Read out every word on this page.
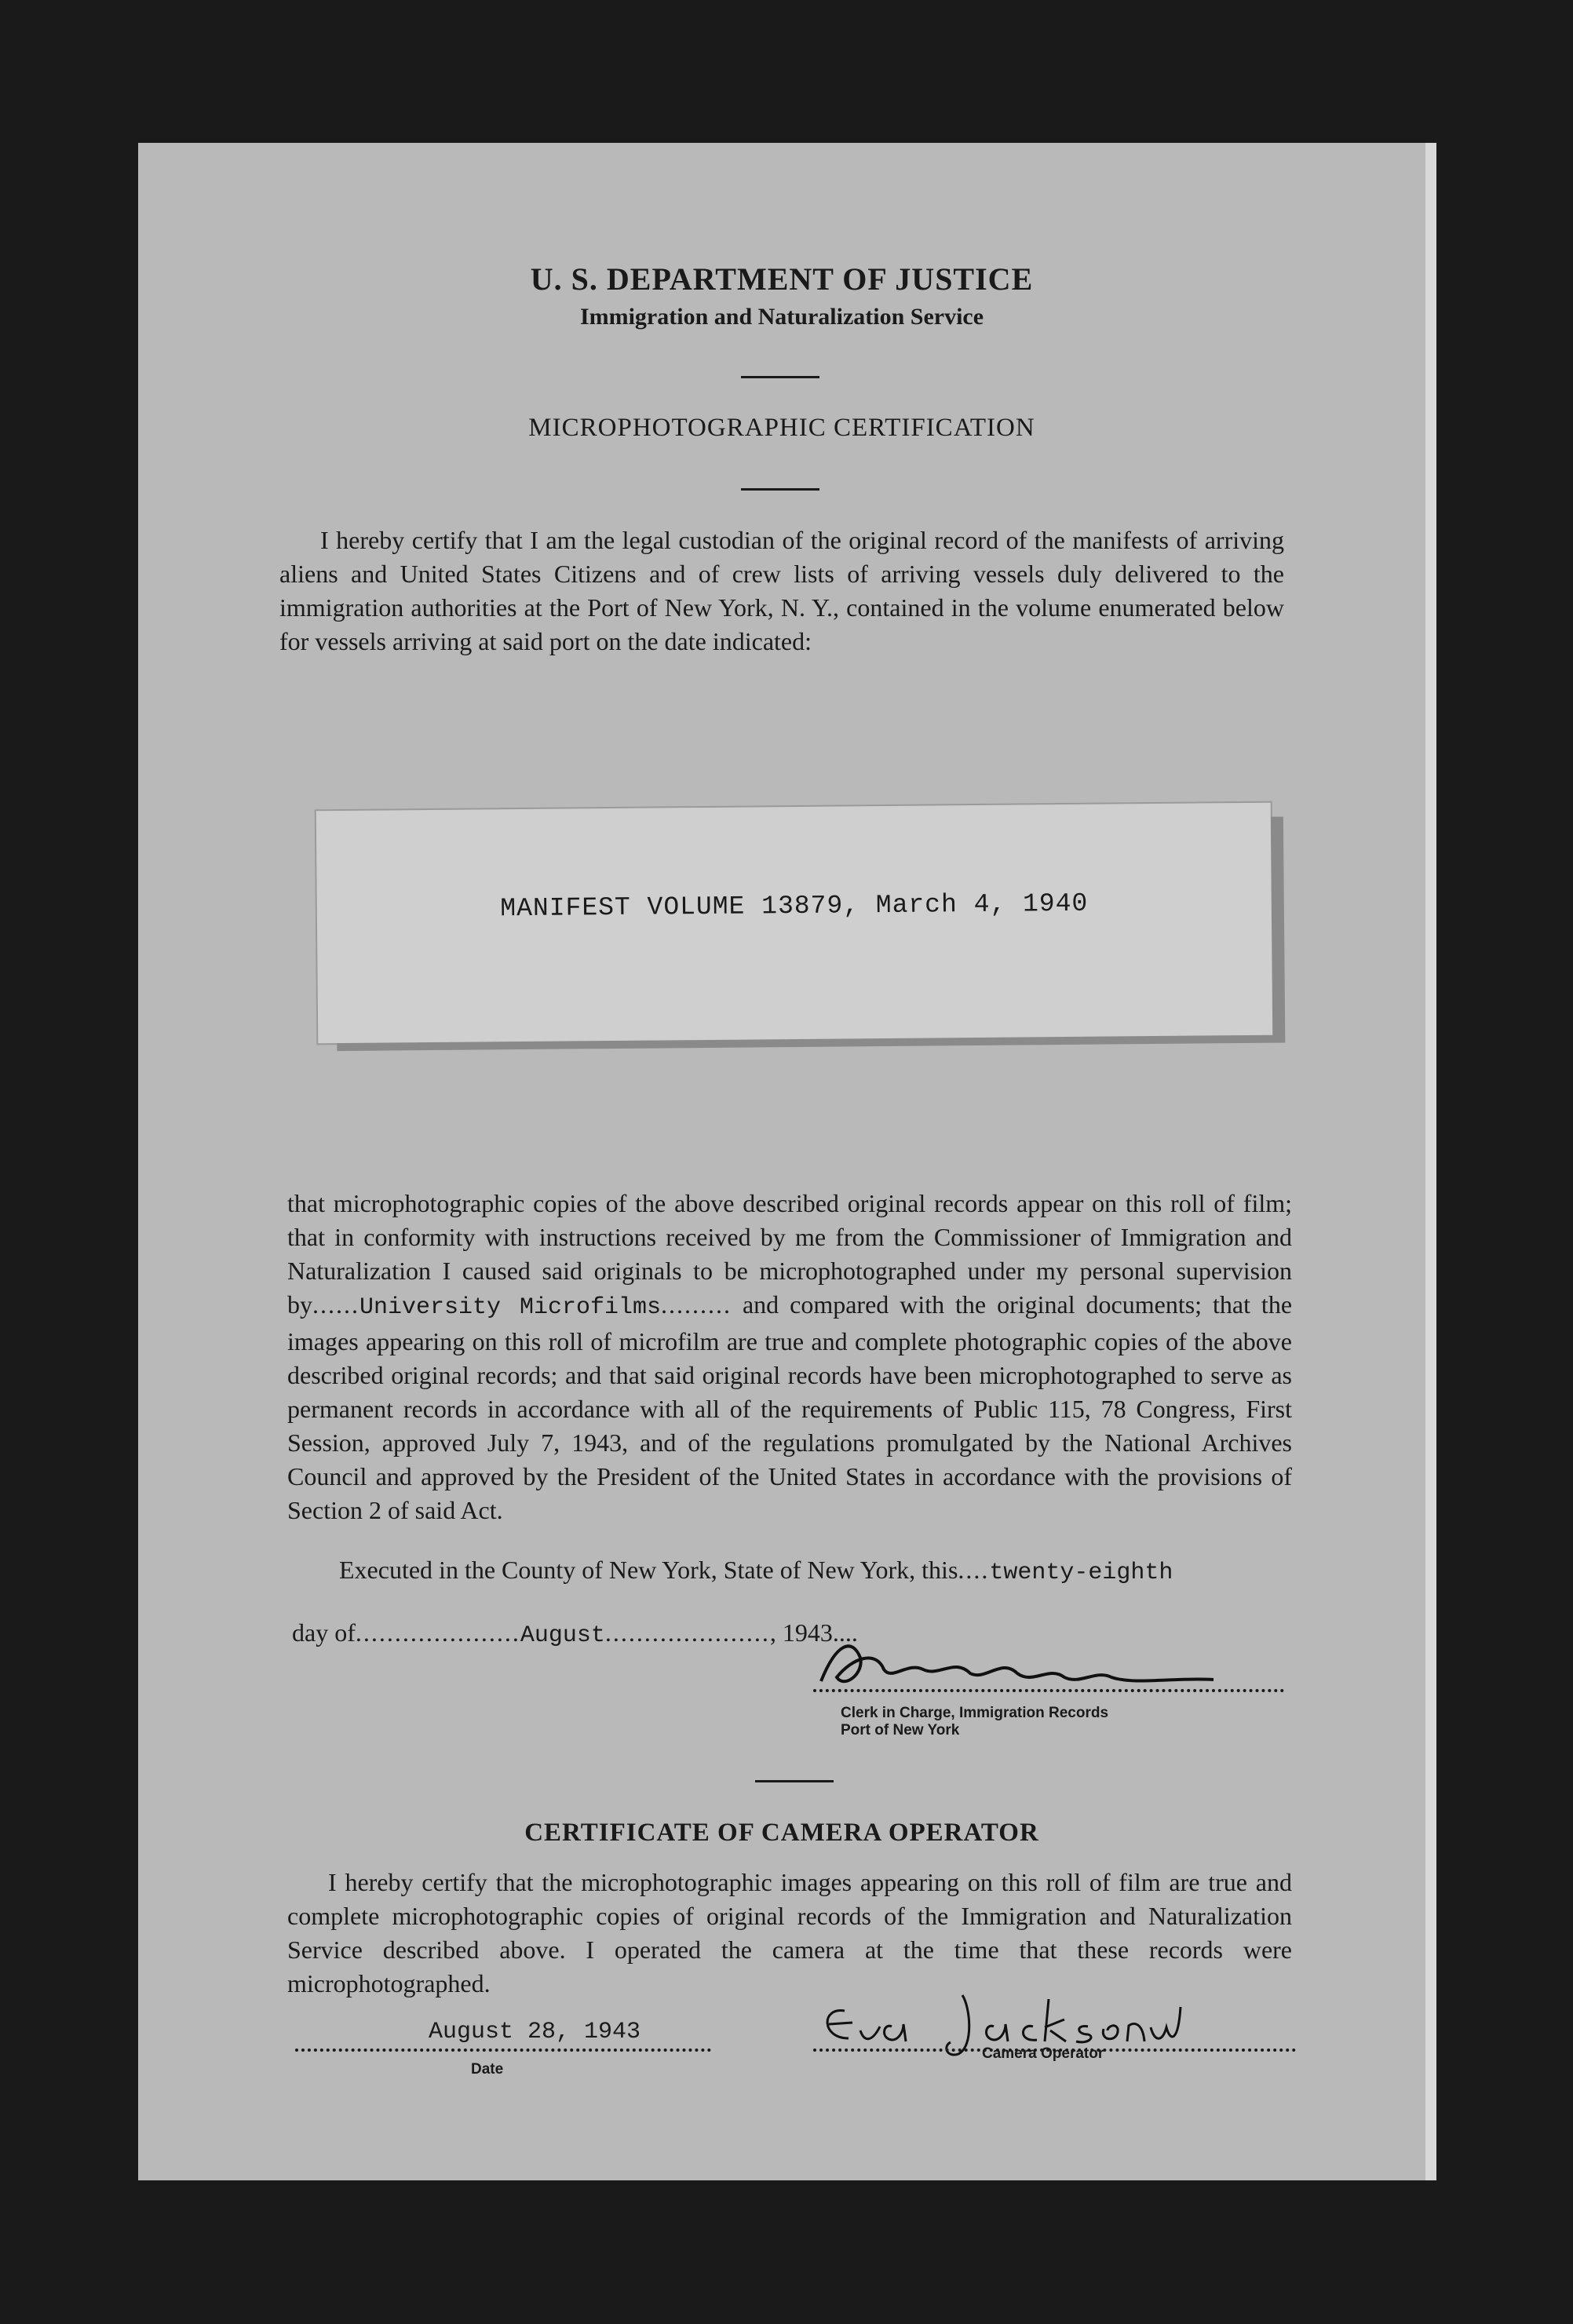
U. S. DEPARTMENT OF JUSTICE
Immigration and Naturalization Service
MICROPHOTOGRAPHIC CERTIFICATION
I hereby certify that I am the legal custodian of the original record of the manifests of arriving aliens and United States Citizens and of crew lists of arriving vessels duly delivered to the immigration authorities at the Port of New York, N. Y., contained in the volume enumerated below for vessels arriving at said port on the date indicated:
MANIFEST VOLUME 13879, March 4, 1940
that microphotographic copies of the above described original records appear on this roll of film; that in conformity with instructions received by me from the Commissioner of Immigration and Naturalization I caused said originals to be microphotographed under my personal supervision by......University Microfilms......... and compared with the original documents; that the images appearing on this roll of microfilm are true and complete photographic copies of the above described original records; and that said original records have been microphotographed to serve as permanent records in accordance with all of the requirements of Public 115, 78 Congress, First Session, approved July 7, 1943, and of the regulations promulgated by the National Archives Council and approved by the President of the United States in accordance with the provisions of Section 2 of said Act.
Executed in the County of New York, State of New York, this....twenty-eighth
day of.....................August....................., 1943....
Clerk in Charge, Immigration Records
Port of New York
CERTIFICATE OF CAMERA OPERATOR
I hereby certify that the microphotographic images appearing on this roll of film are true and complete microphotographic copies of original records of the Immigration and Naturalization Service described above. I operated the camera at the time that these records were microphotographed.
August 28, 1943
Date
Camera Operator
